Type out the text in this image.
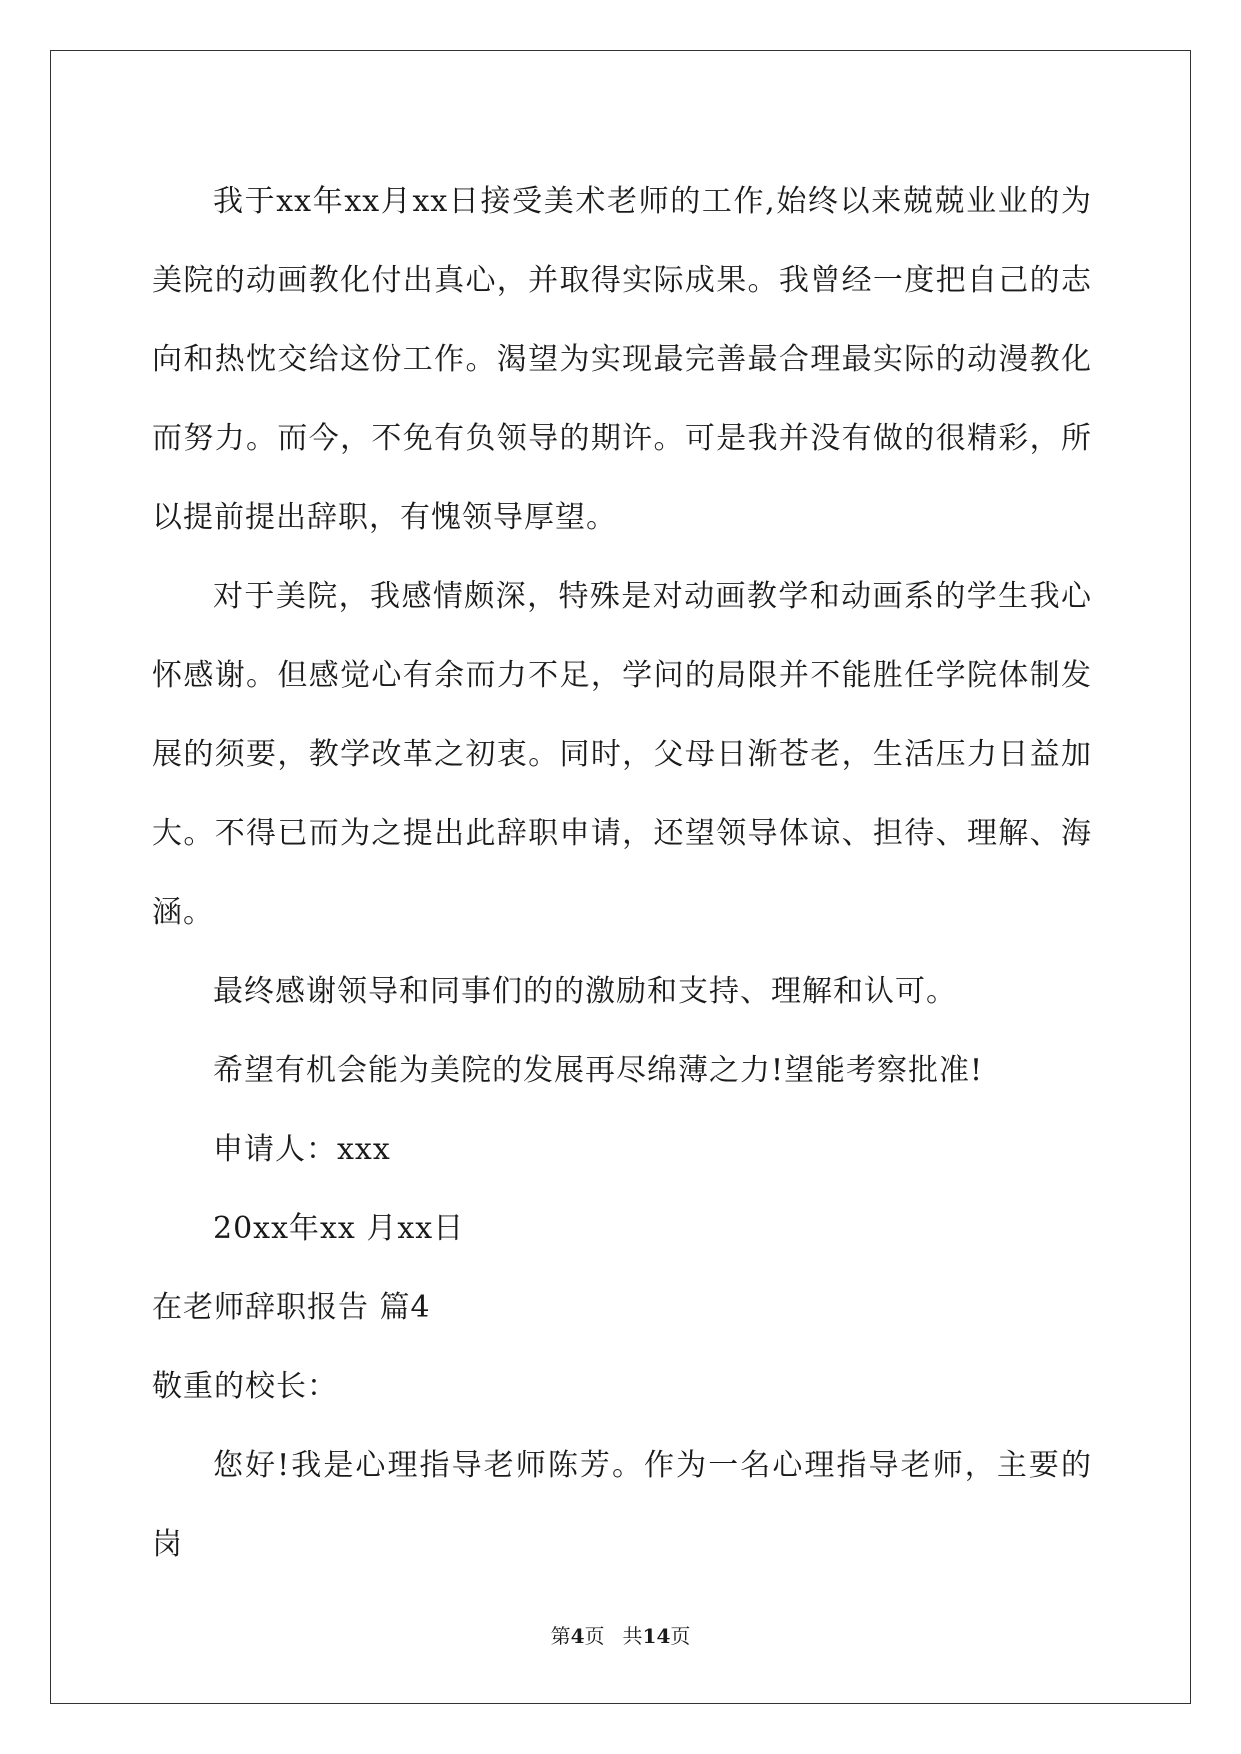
我于xx年xx月xx日接受美术老师的工作,始终以来兢兢业业的为美院的动画教化付出真心，并取得实际成果。我曾经一度把自己的志向和热忱交给这份工作。渴望为实现最完善最合理最实际的动漫教化而努力。而今，不免有负领导的期许。可是我并没有做的很精彩，所以提前提出辞职，有愧领导厚望。

对于美院，我感情颇深，特殊是对动画教学和动画系的学生我心怀感谢。但感觉心有余而力不足，学问的局限并不能胜任学院体制发展的须要，教学改革之初衷。同时，父母日渐苍老，生活压力日益加大。不得已而为之提出此辞职申请，还望领导体谅、担待、理解、海涵。

最终感谢领导和同事们的的激励和支持、理解和认可。

希望有机会能为美院的发展再尽绵薄之力!望能考察批准!

申请人：xxx

20xx年xx 月xx日

在老师辞职报告 篇4

敬重的校长：

您好!我是心理指导老师陈芳。作为一名心理指导老师，主要的岗

第4页 共14页
